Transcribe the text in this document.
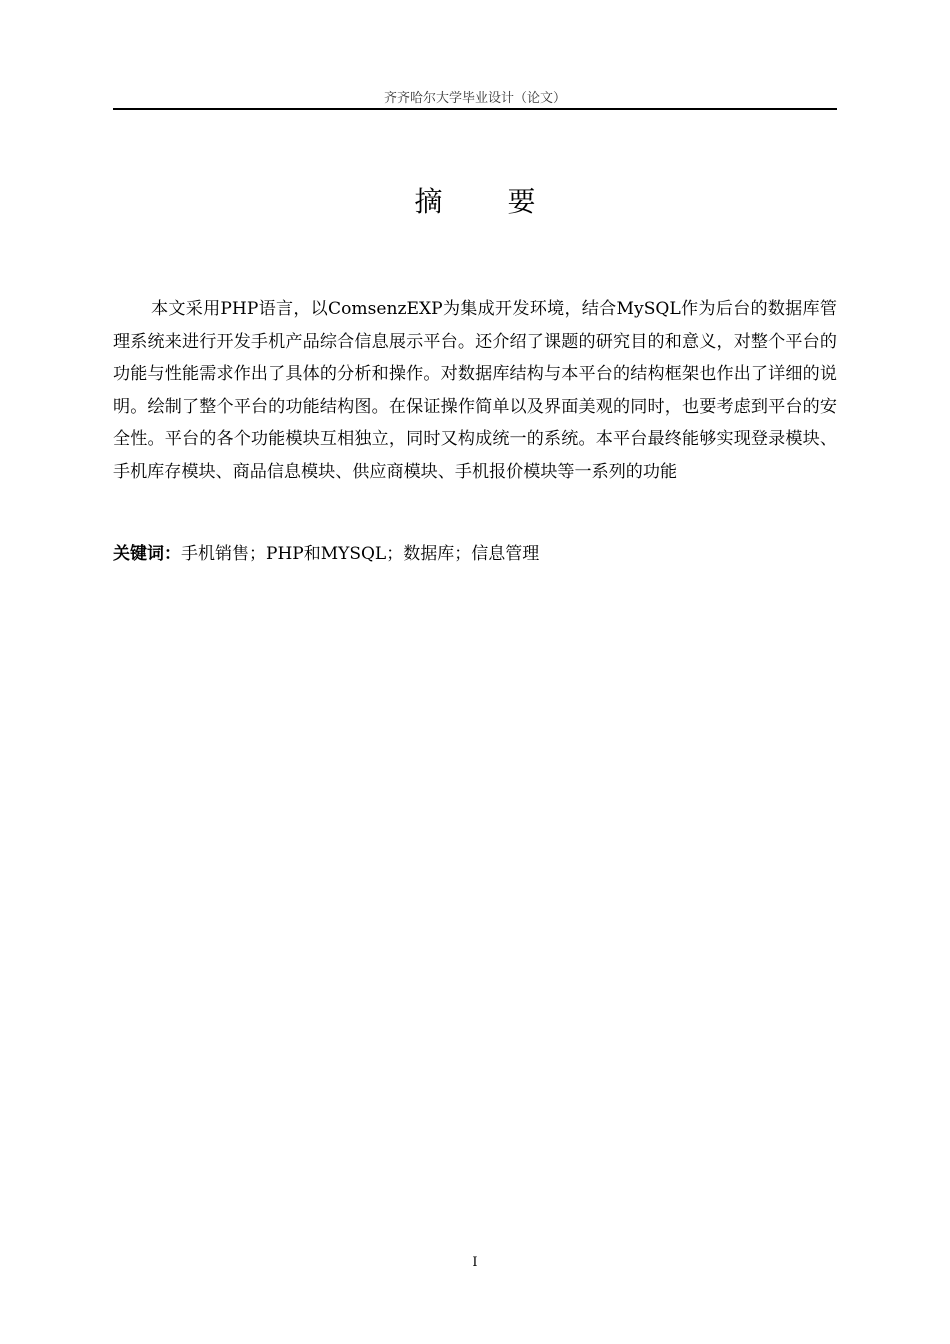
齐齐哈尔大学毕业设计（论文）
摘 要

本文采用PHP语言，以ComsenzEXP为集成开发环境，结合MySQL作为后台的数据库管理系统来进行开发手机产品综合信息展示平台。还介绍了课题的研究目的和意义，对整个平台的功能与性能需求作出了具体的分析和操作。对数据库结构与本平台的结构框架也作出了详细的说明。绘制了整个平台的功能结构图。在保证操作简单以及界面美观的同时，也要考虑到平台的安全性。平台的各个功能模块互相独立，同时又构成统一的系统。本平台最终能够实现登录模块、手机库存模块、商品信息模块、供应商模块、手机报价模块等一系列的功能

关键词：手机销售；PHP和MYSQL；数据库；信息管理
I
